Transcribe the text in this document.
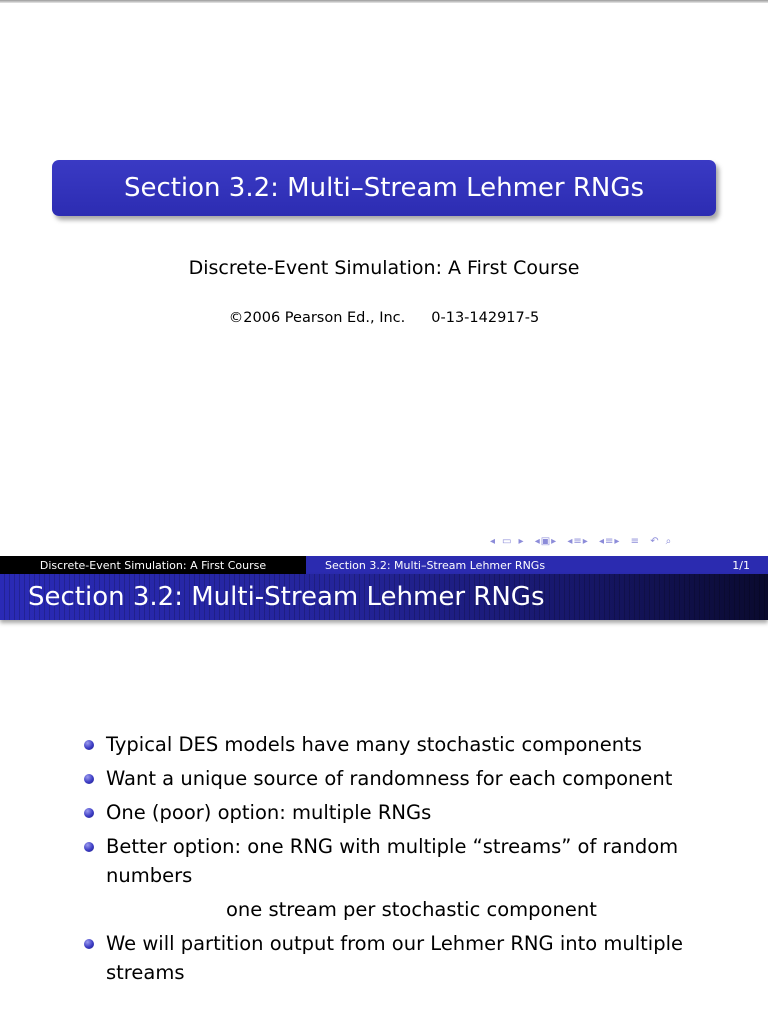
Section 3.2: Multi–Stream Lehmer RNGs
Discrete-Event Simulation: A First Course
©2006 Pearson Ed., Inc. 0-13-142917-5
◂ ▭ ▸ ◂▣▸ ◂≡▸ ◂≡▸ ≡ ↶ ⌕
Discrete-Event Simulation: A First Course	Section 3.2: Multi–Stream Lehmer RNGs	1/1
Section 3.2: Multi-Stream Lehmer RNGs
Typical DES models have many stochastic components
Want a unique source of randomness for each component
One (poor) option: multiple RNGs
Better option: one RNG with multiple “streams” of random numbers
one stream per stochastic component
We will partition output from our Lehmer RNG into multiple streams
